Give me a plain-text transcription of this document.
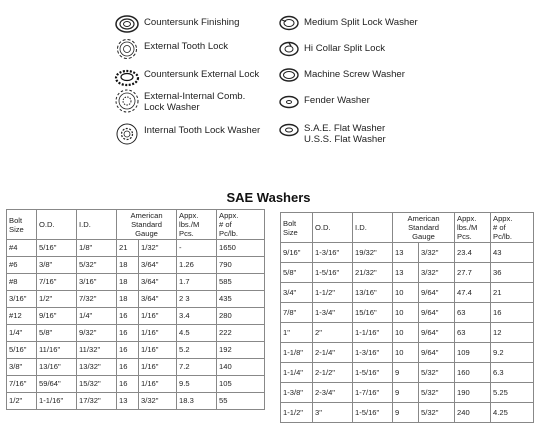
Countersunk Finishing
External Tooth Lock
Countersunk External Lock
External-Internal Comb.
Lock Washer
Internal Tooth Lock Washer
Medium Split Lock Washer
Hi Collar Split Lock
Machine Screw Washer
Fender Washer
S.A.E. Flat Washer
U.S.S. Flat Washer
SAE Washers
Bolt
Size	O.D.	I.D.	American
Standard
Gauge		Appx.
lbs./M
Pcs.	Appx.
# of
Pc/lb.
#4	5/16"	1/8"	21	1/32"	-	1650
#6	3/8"	5/32"	18	3/64"	1.26	790
#8	7/16"	3/16"	18	3/64"	1.7	585
3/16"	1/2"	7/32"	18	3/64"	2 3	435
#12	9/16"	1/4"	16	1/16"	3.4	280
1/4"	5/8"	9/32"	16	1/16"	4.5	222
5/16"	11/16"	11/32"	16	1/16"	5.2	192
3/8"	13/16"	13/32"	16	1/16"	7.2	140
7/16"	59/64"	15/32"	16	1/16"	9.5	105
1/2"	1-1/16"	17/32"	13	3/32"	18.3	55
Bolt
Size	O.D.	I.D.	American
Standard
Gauge		Appx.
lbs./M
Pcs.	Appx.
# of
Pc/lb.
9/16"	1-3/16"	19/32"	13	3/32"	23.4	43
5/8"	1-5/16"	21/32"	13	3/32"	27.7	36
3/4"	1-1/2"	13/16"	10	9/64"	47.4	21
7/8"	1-3/4"	15/16"	10	9/64"	63	16
1"	2"	1-1/16"	10	9/64"	63	12
1-1/8"	2-1/4"	1-3/16"	10	9/64"	109	9.2
1-1/4"	2-1/2"	1-5/16"	9	5/32"	160	6.3
1-3/8"	2-3/4"	1-7/16"	9	5/32"	190	5.25
1-1/2"	3"	1-5/16"	9	5/32"	240	4.25
